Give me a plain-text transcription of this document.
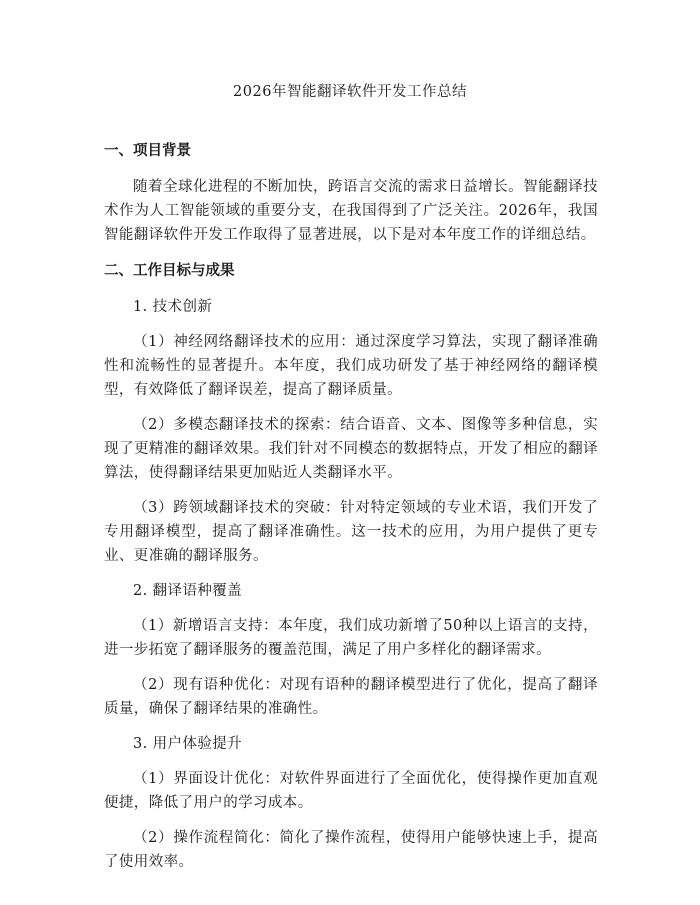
2026年智能翻译软件开发工作总结
一、项目背景

随着全球化进程的不断加快，跨语言交流的需求日益增长。智能翻译技术作为人工智能领域的重要分支，在我国得到了广泛关注。2026年，我国智能翻译软件开发工作取得了显著进展，以下是对本年度工作的详细总结。

二、工作目标与成果

1. 技术创新

（1）神经网络翻译技术的应用：通过深度学习算法，实现了翻译准确性和流畅性的显著提升。本年度，我们成功研发了基于神经网络的翻译模型，有效降低了翻译误差，提高了翻译质量。

（2）多模态翻译技术的探索：结合语音、文本、图像等多种信息，实现了更精准的翻译效果。我们针对不同模态的数据特点，开发了相应的翻译算法，使得翻译结果更加贴近人类翻译水平。

（3）跨领域翻译技术的突破：针对特定领域的专业术语，我们开发了专用翻译模型，提高了翻译准确性。这一技术的应用，为用户提供了更专业、更准确的翻译服务。

2. 翻译语种覆盖

（1）新增语言支持：本年度，我们成功新增了50种以上语言的支持，进一步拓宽了翻译服务的覆盖范围，满足了用户多样化的翻译需求。

（2）现有语种优化：对现有语种的翻译模型进行了优化，提高了翻译质量，确保了翻译结果的准确性。

3. 用户体验提升

（1）界面设计优化：对软件界面进行了全面优化，使得操作更加直观便捷，降低了用户的学习成本。

（2）操作流程简化：简化了操作流程，使得用户能够快速上手，提高了使用效率。
